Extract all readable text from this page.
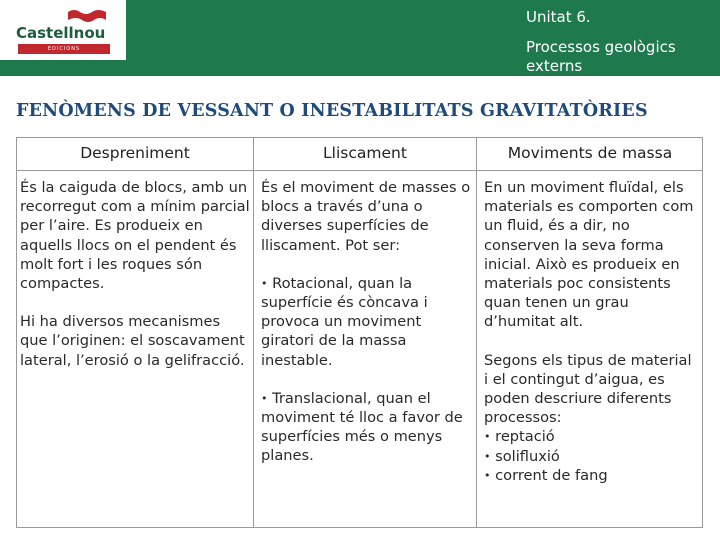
Castellnou
EDICIONS
Unitat 6.
Processos geològics externs
FENÒMENS DE VESSANT O INESTABILITATS GRAVITATÒRIES
Despreniment	Lliscament	Moviments de massa

És la caiguda de blocs, amb un recorregut com a mínim parcial per l’aire. Es produeix en aquells llocs on el pendent és molt fort i les roques són compactes.

Hi ha diversos mecanismes que l’originen: el soscavament lateral, l’erosió o la gelifracció.

És el moviment de masses o blocs a través d’una o diverses superfícies de lliscament. Pot ser:

• Rotacional, quan la superfície és còncava i provoca un moviment giratori de la massa inestable.

• Translacional, quan el moviment té lloc a favor de superfícies més o menys planes.

En un moviment fluïdal, els materials es comporten com un fluid, és a dir, no conserven la seva forma inicial. Això es produeix en materials poc consistents quan tenen un grau d’humitat alt.

Segons els tipus de material i el contingut d’aigua, es poden descriure diferents processos:

• reptació
• solifluxió
• corrent de fang
